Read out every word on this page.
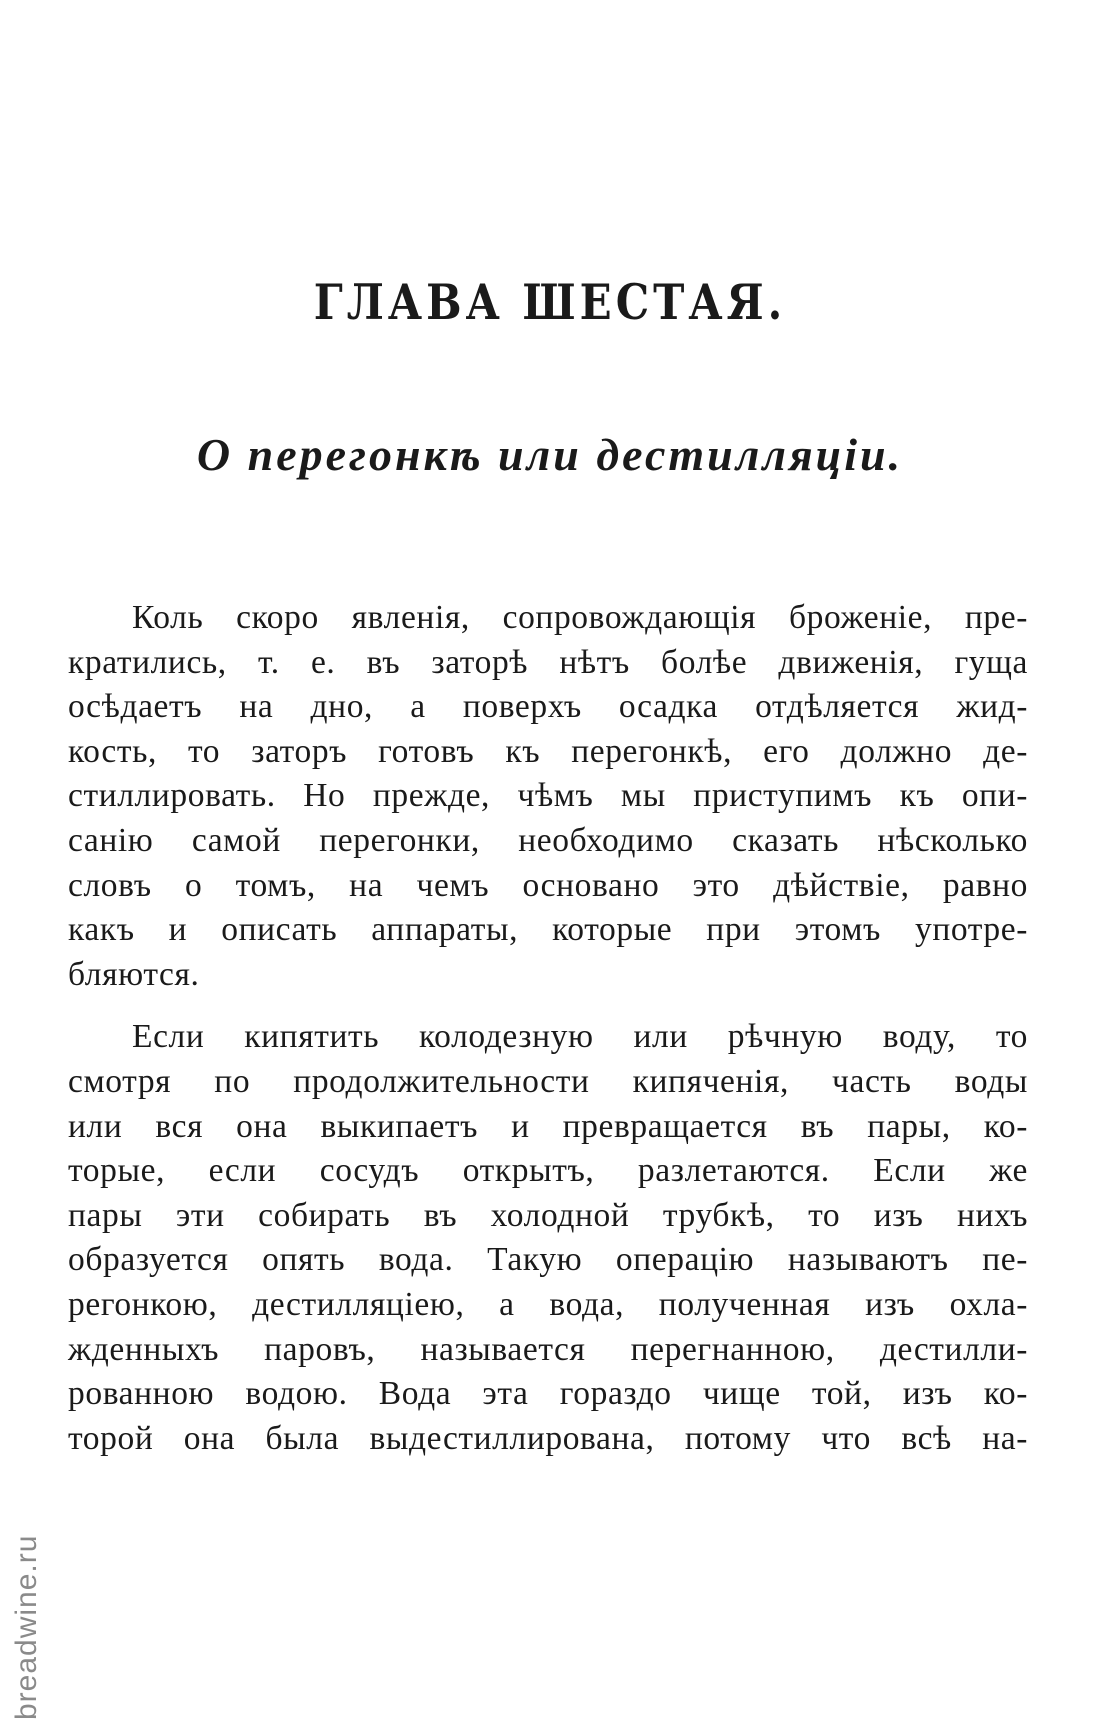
ГЛАВА ШЕСТАЯ.
О перегонкѣ или дестилляціи.
Коль скоро явленія, сопровождающія броженіе, пре-
кратились, т. е. въ заторѣ нѣтъ болѣе движенія, гуща
осѣдаетъ на дно, а поверхъ осадка отдѣляется жид-
кость, то заторъ готовъ къ перегонкѣ, его должно де-
стиллировать. Но прежде, чѣмъ мы приступимъ къ опи-
санію самой перегонки, необходимо сказать нѣсколько
словъ о томъ, на чемъ основано это дѣйствіе, равно
какъ и описать аппараты, которые при этомъ употре-
бляются.
Если кипятить колодезную или рѣчную воду, то
смотря по продолжительности кипяченія, часть воды
или вся она выкипаетъ и превращается въ пары, ко-
торые, если сосудъ открытъ, разлетаются. Если же
пары эти собирать въ холодной трубкѣ, то изъ нихъ
образуется опять вода. Такую операцію называютъ пе-
регонкою, дестилляціею, а вода, полученная изъ охла-
жденныхъ паровъ, называется перегнанною, дестилли-
рованною водою. Вода эта гораздо чище той, изъ ко-
торой она была выдестиллирована, потому что всѣ на-
breadwine.ru
